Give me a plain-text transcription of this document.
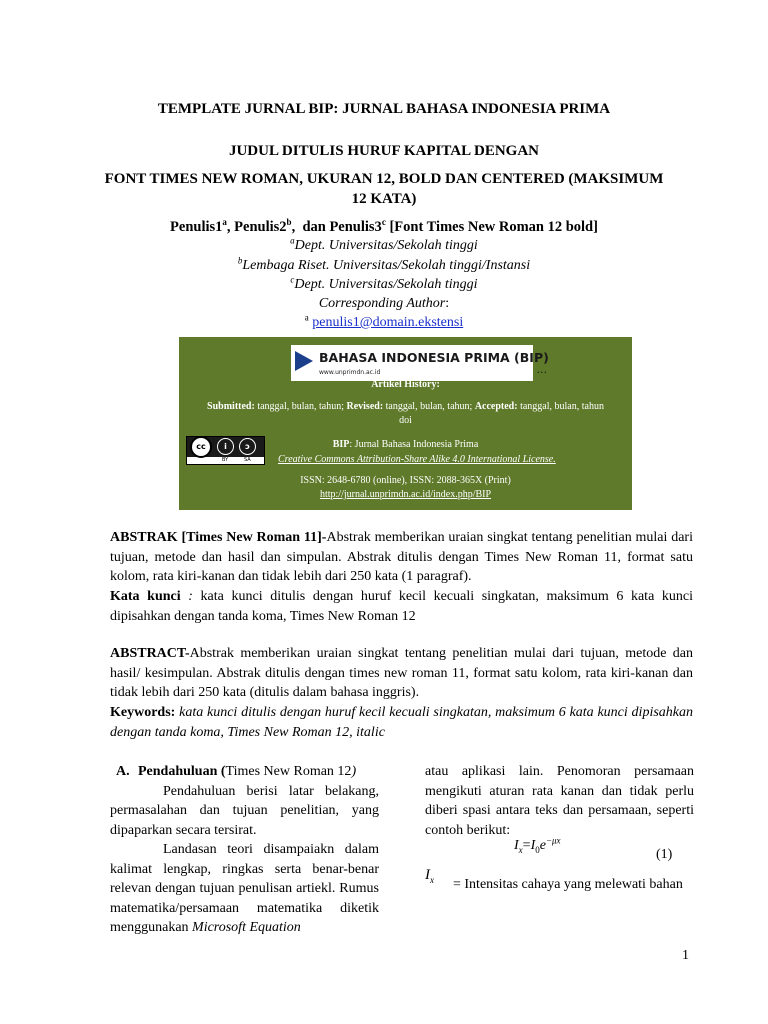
TEMPLATE JURNAL BIP: JURNAL BAHASA INDONESIA PRIMA
JUDUL DITULIS HURUF KAPITAL DENGAN
FONT TIMES NEW ROMAN, UKURAN 12, BOLD DAN CENTERED (MAKSIMUM
12 KATA)
Penulis1$^a$, Penulis2$^b$,  dan Penulis3$^c$ [Font Times New Roman 12 bold]
$^a$Dept. Universitas/Sekolah tinggi
$^b$Lembaga Riset. Universitas/Sekolah tinggi/Instansi
$^c$Dept. Universitas/Sekolah tinggi
Corresponding Author:
$^a$ penulis1@domain.ekstensi
BAHASA INDONESIA PRIMA (BIP)
www.unprimdn.ac.id	...
Artikel History:
Submitted: tanggal, bulan, tahun; Revised: tanggal, bulan, tahun; Accepted: tanggal, bulan, tahun
doi
cc	i	ↄ
BY	SA
BIP: Jurnal Bahasa Indonesia Prima
Creative Commons Attribution-Share Alike 4.0 International License.
ISSN: 2648-6780 (online), ISSN: 2088-365X (Print)
http://jurnal.unprimdn.ac.id/index.php/BIP
ABSTRAK [Times New Roman 11]-Abstrak memberikan uraian singkat tentang penelitian mulai dari tujuan, metode dan hasil dan simpulan. Abstrak ditulis dengan Times New Roman 11, format satu kolom, rata kiri-kanan dan tidak lebih dari 250 kata (1 paragraf).
Kata kunci : kata kunci ditulis dengan huruf kecil kecuali singkatan, maksimum 6 kata kunci dipisahkan dengan tanda koma, Times New Roman 12
ABSTRACT-Abstrak memberikan uraian singkat tentang penelitian mulai dari tujuan, metode dan hasil/ kesimpulan. Abstrak ditulis dengan times new roman 11, format satu kolom, rata kiri-kanan dan tidak lebih dari 250 kata (ditulis dalam bahasa inggris).
Keywords: kata kunci ditulis dengan huruf kecil kecuali singkatan, maksimum 6 kata kunci dipisahkan dengan tanda koma, Times New Roman 12, italic
A. Pendahuluan (Times New Roman 12)
Pendahuluan berisi latar belakang, permasalahan dan tujuan penelitian, yang dipaparkan secara tersirat.
Landasan teori disampaiakn dalam kalimat lengkap, ringkas serta benar-benar relevan dengan tujuan penulisan artiekl. Rumus matematika/persamaan matematika diketik menggunakan Microsoft Equation
atau aplikasi lain. Penomoran persamaan mengikuti aturan rata kanan dan tidak perlu diberi spasi antara teks dan persamaan, seperti contoh berikut:
$I_x=I_0e^{-\mu x}$
(1)
$I_x$	= Intensitas cahaya yang melewati bahan
1
